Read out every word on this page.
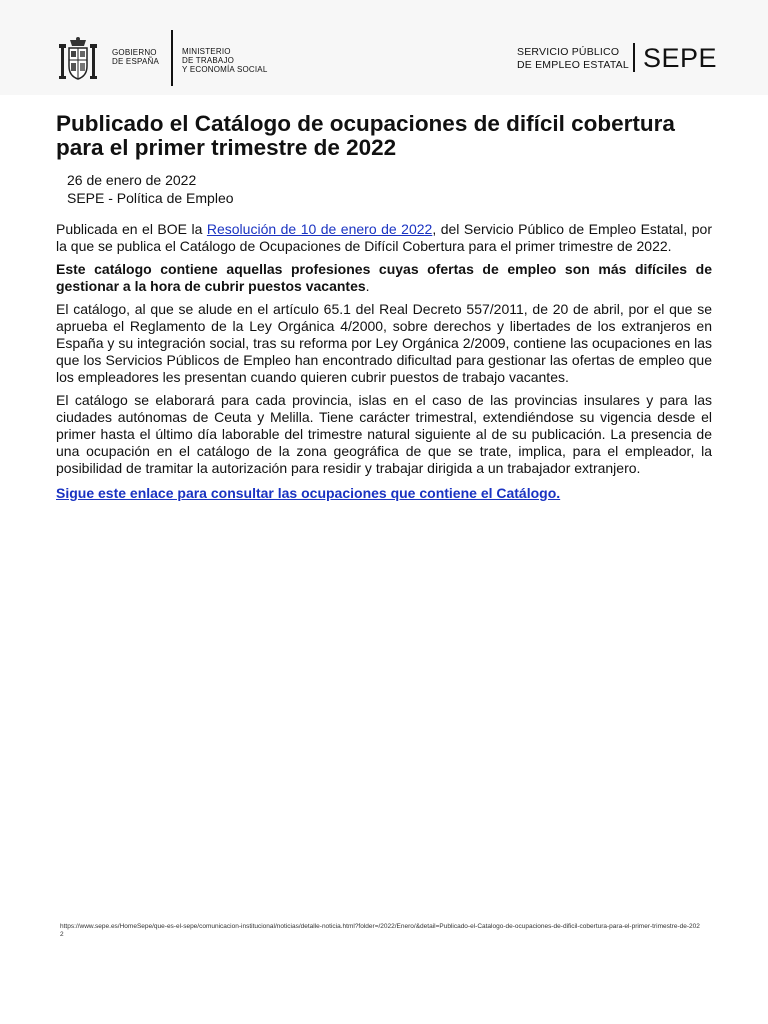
GOBIERNO
DE ESPAÑA
MINISTERIO
DE TRABAJO
Y ECONOMÍA SOCIAL
SERVICIO PÚBLICO
DE EMPLEO ESTATAL SEPE
Publicado el Catálogo de ocupaciones de difícil cobertura para el primer trimestre de 2022
26 de enero de 2022
SEPE - Política de Empleo

Publicada en el BOE la Resolución de 10 de enero de 2022, del Servicio Público de Empleo Estatal, por la que se publica el Catálogo de Ocupaciones de Difícil Cobertura para el primer trimestre de 2022.

Este catálogo contiene aquellas profesiones cuyas ofertas de empleo son más difíciles de gestionar a la hora de cubrir puestos vacantes.

El catálogo, al que se alude en el artículo 65.1 del Real Decreto 557/2011, de 20 de abril, por el que se aprueba el Reglamento de la Ley Orgánica 4/2000, sobre derechos y libertades de los extranjeros en España y su integración social, tras su reforma por Ley Orgánica 2/2009, contiene las ocupaciones en las que los Servicios Públicos de Empleo han encontrado dificultad para gestionar las ofertas de empleo que los empleadores les presentan cuando quieren cubrir puestos de trabajo vacantes.

El catálogo se elaborará para cada provincia, islas en el caso de las provincias insulares y para las ciudades autónomas de Ceuta y Melilla. Tiene carácter trimestral, extendiéndose su vigencia desde el primer hasta el último día laborable del trimestre natural siguiente al de su publicación. La presencia de una ocupación en el catálogo de la zona geográfica de que se trate, implica, para el empleador, la posibilidad de tramitar la autorización para residir y trabajar dirigida a un trabajador extranjero.

Sigue este enlace para consultar las ocupaciones que contiene el Catálogo.

https://www.sepe.es/HomeSepe/que-es-el-sepe/comunicacion-institucional/noticias/detalle-noticia.html?folder=/2022/Enero/&detail=Publicado-el-Catalogo-de-ocupaciones-de-dificil-cobertura-para-el-primer-trimestre-de-2022
